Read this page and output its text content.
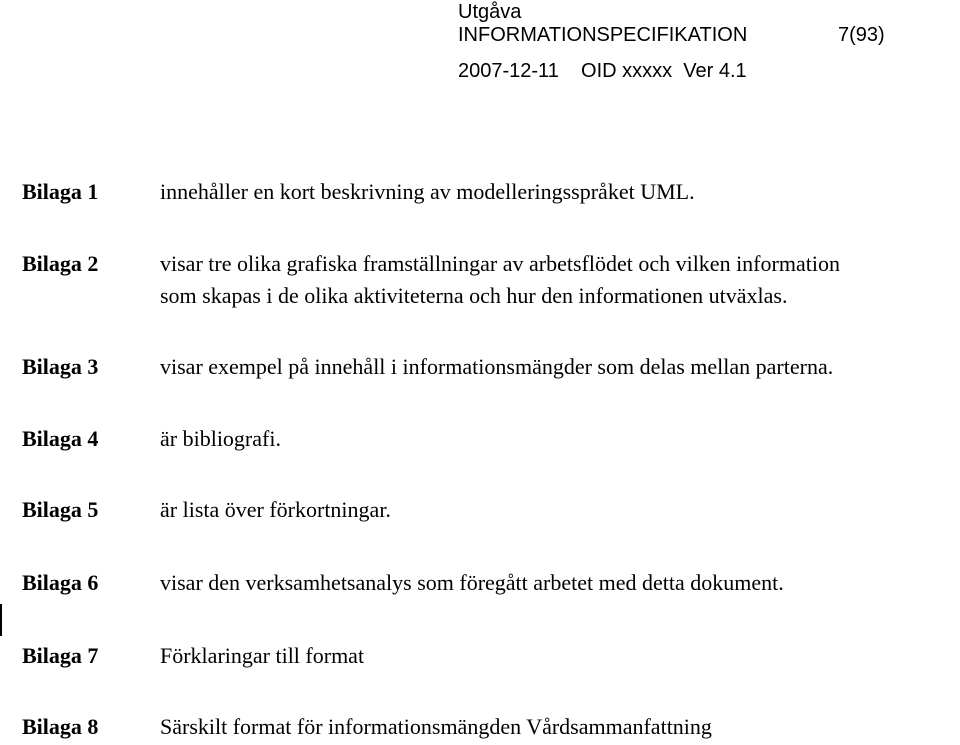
Utgåva
INFORMATIONSPECIFIKATION	7(93)
2007-12-11    OID xxxxx  Ver 4.1
Bilaga 1	innehåller en kort beskrivning av modelleringsspråket UML.
Bilaga 2	visar tre olika grafiska framställningar av arbetsflödet och vilken information
som skapas i de olika aktiviteterna och hur den informationen utväxlas.
Bilaga 3	visar exempel på innehåll i informationsmängder som delas mellan parterna.
Bilaga 4	är bibliografi.
Bilaga 5	är lista över förkortningar.
Bilaga 6	visar den verksamhetsanalys som föregått arbetet med detta dokument.
Bilaga 7	Förklaringar till format
Bilaga 8	Särskilt format för informationsmängden Vårdsammanfattning
